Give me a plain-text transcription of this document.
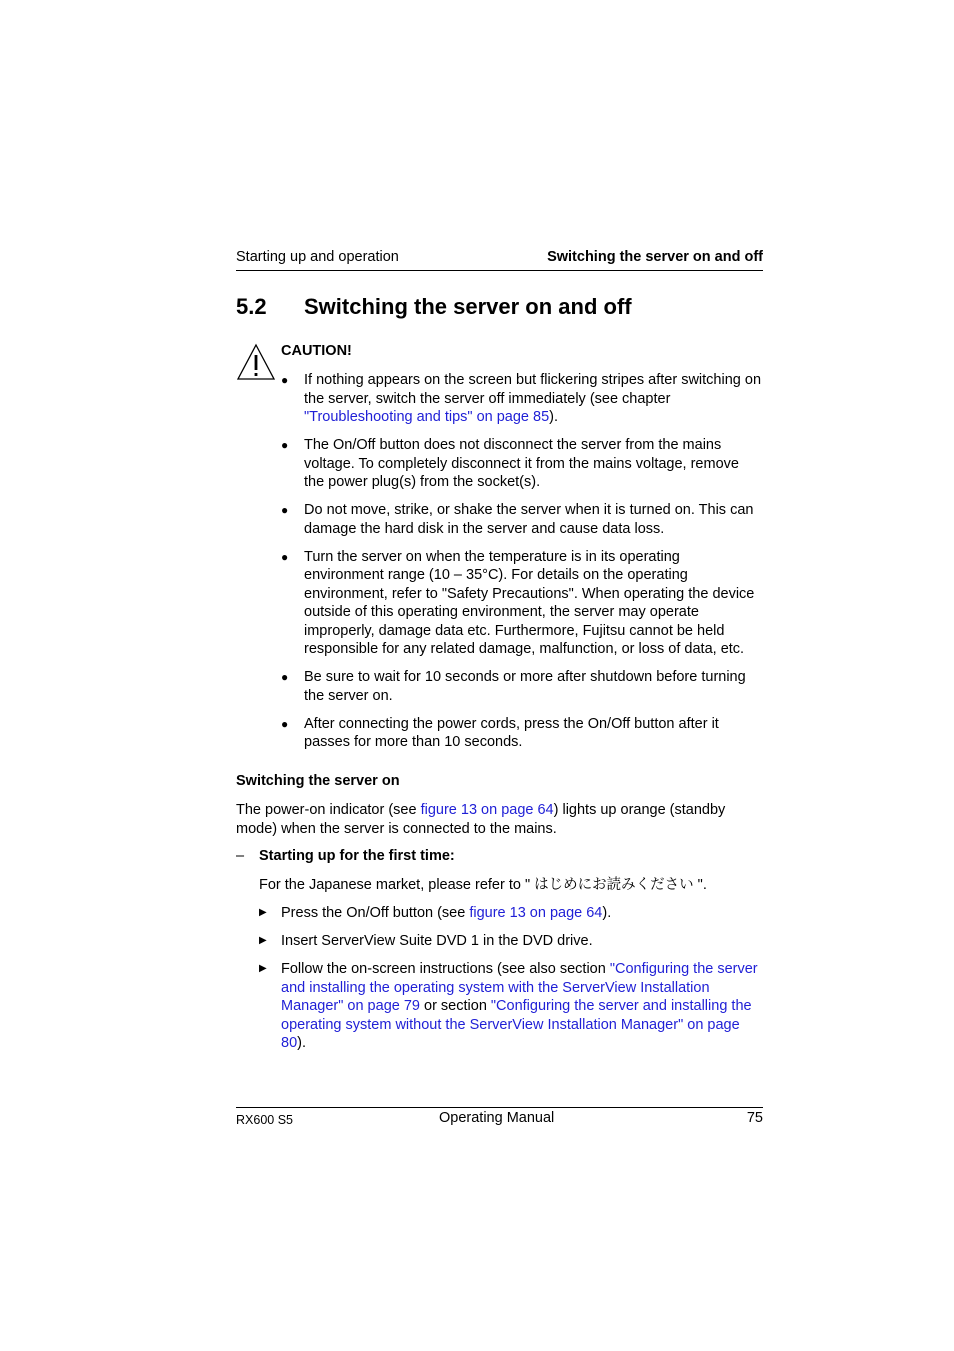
Starting up and operation	Switching the server on and off
5.2 Switching the server on and off
CAUTION!
● If nothing appears on the screen but flickering stripes after switching on the server, switch the server off immediately (see chapter "Troubleshooting and tips" on page 85).
● The On/Off button does not disconnect the server from the mains voltage. To completely disconnect it from the mains voltage, remove the power plug(s) from the socket(s).
● Do not move, strike, or shake the server when it is turned on. This can damage the hard disk in the server and cause data loss.
● Turn the server on when the temperature is in its operating environment range (10 – 35°C). For details on the operating environment, refer to "Safety Precautions". When operating the device outside of this operating environment, the server may operate improperly, damage data etc. Furthermore, Fujitsu cannot be held responsible for any related damage, malfunction, or loss of data, etc.
● Be sure to wait for 10 seconds or more after shutdown before turning the server on.
● After connecting the power cords, press the On/Off button after it passes for more than 10 seconds.
Switching the server on
The power-on indicator (see figure 13 on page 64) lights up orange (standby mode) when the server is connected to the mains.
– Starting up for the first time:
For the Japanese market, please refer to " はじめにお読みください ".
▶ Press the On/Off button (see figure 13 on page 64).
▶ Insert ServerView Suite DVD 1 in the DVD drive.
▶ Follow the on-screen instructions (see also section "Configuring the server and installing the operating system with the ServerView Installation Manager" on page 79 or section "Configuring the server and installing the operating system without the ServerView Installation Manager" on page 80).
RX600 S5	Operating Manual	75
